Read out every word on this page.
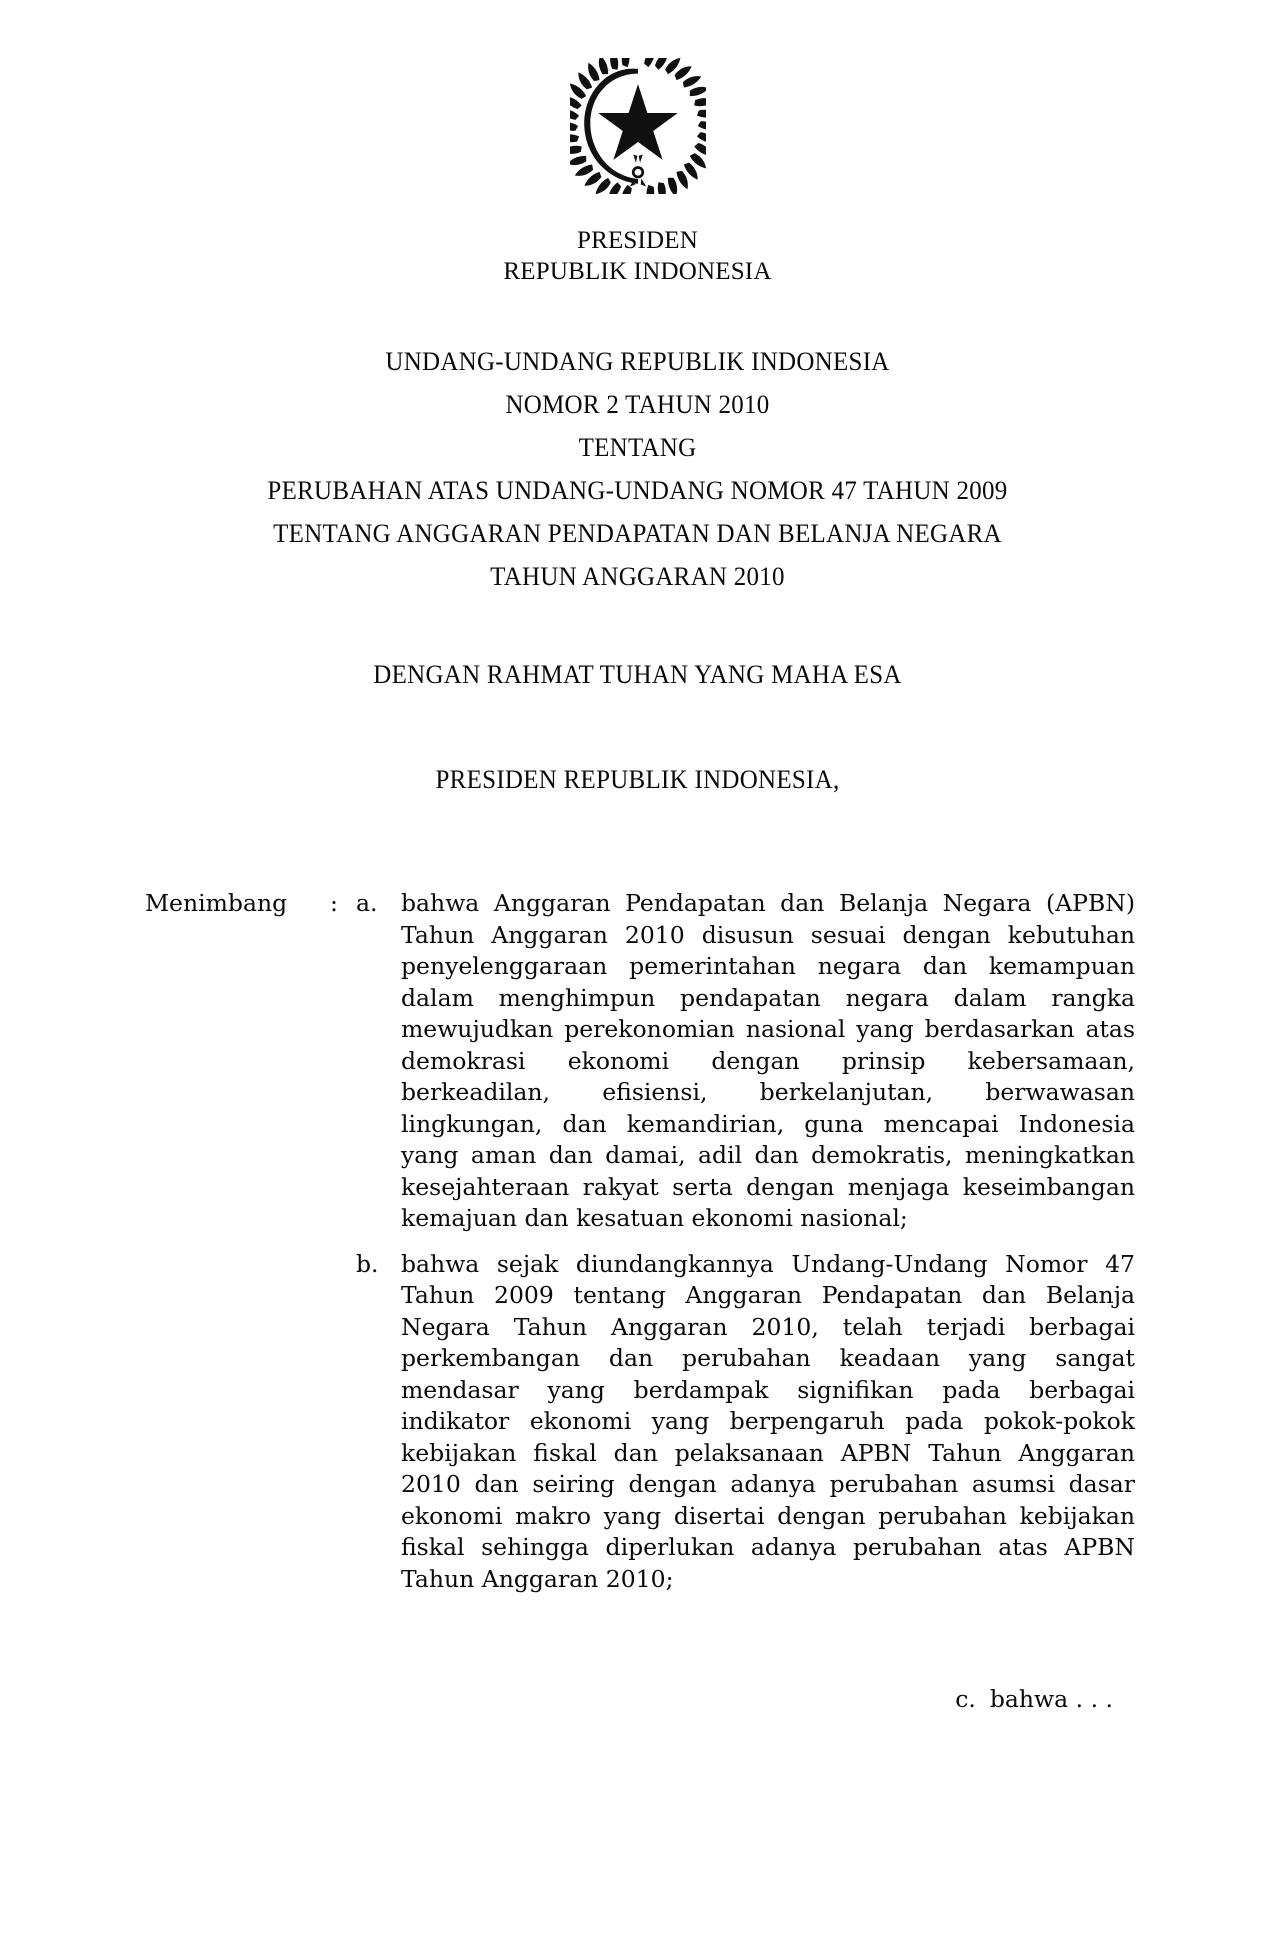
PRESIDEN
REPUBLIK INDONESIA
UNDANG-UNDANG REPUBLIK INDONESIA
NOMOR 2 TAHUN 2010
TENTANG
PERUBAHAN ATAS UNDANG-UNDANG NOMOR 47 TAHUN 2009
TENTANG ANGGARAN PENDAPATAN DAN BELANJA NEGARA
TAHUN ANGGARAN 2010
DENGAN RAHMAT TUHAN YANG MAHA ESA
PRESIDEN REPUBLIK INDONESIA,
Menimbang	: a.	bahwa Anggaran Pendapatan dan Belanja Negara (APBN) Tahun Anggaran 2010 disusun sesuai dengan kebutuhan penyelenggaraan pemerintahan negara dan kemampuan dalam menghimpun pendapatan negara dalam rangka mewujudkan perekonomian nasional yang berdasarkan atas demokrasi ekonomi dengan prinsip kebersamaan, berkeadilan, efisiensi, berkelanjutan, berwawasan lingkungan, dan kemandirian, guna mencapai Indonesia yang aman dan damai, adil dan demokratis, meningkatkan kesejahteraan rakyat serta dengan menjaga keseimbangan kemajuan dan kesatuan ekonomi nasional;
b. bahwa sejak diundangkannya Undang-Undang Nomor 47 Tahun 2009 tentang Anggaran Pendapatan dan Belanja Negara Tahun Anggaran 2010, telah terjadi berbagai perkembangan dan perubahan keadaan yang sangat mendasar yang berdampak signifikan pada berbagai indikator ekonomi yang berpengaruh pada pokok-pokok kebijakan fiskal dan pelaksanaan APBN Tahun Anggaran 2010 dan seiring dengan adanya perubahan asumsi dasar ekonomi makro yang disertai dengan perubahan kebijakan fiskal sehingga diperlukan adanya perubahan atas APBN Tahun Anggaran 2010;
c. bahwa . . .
